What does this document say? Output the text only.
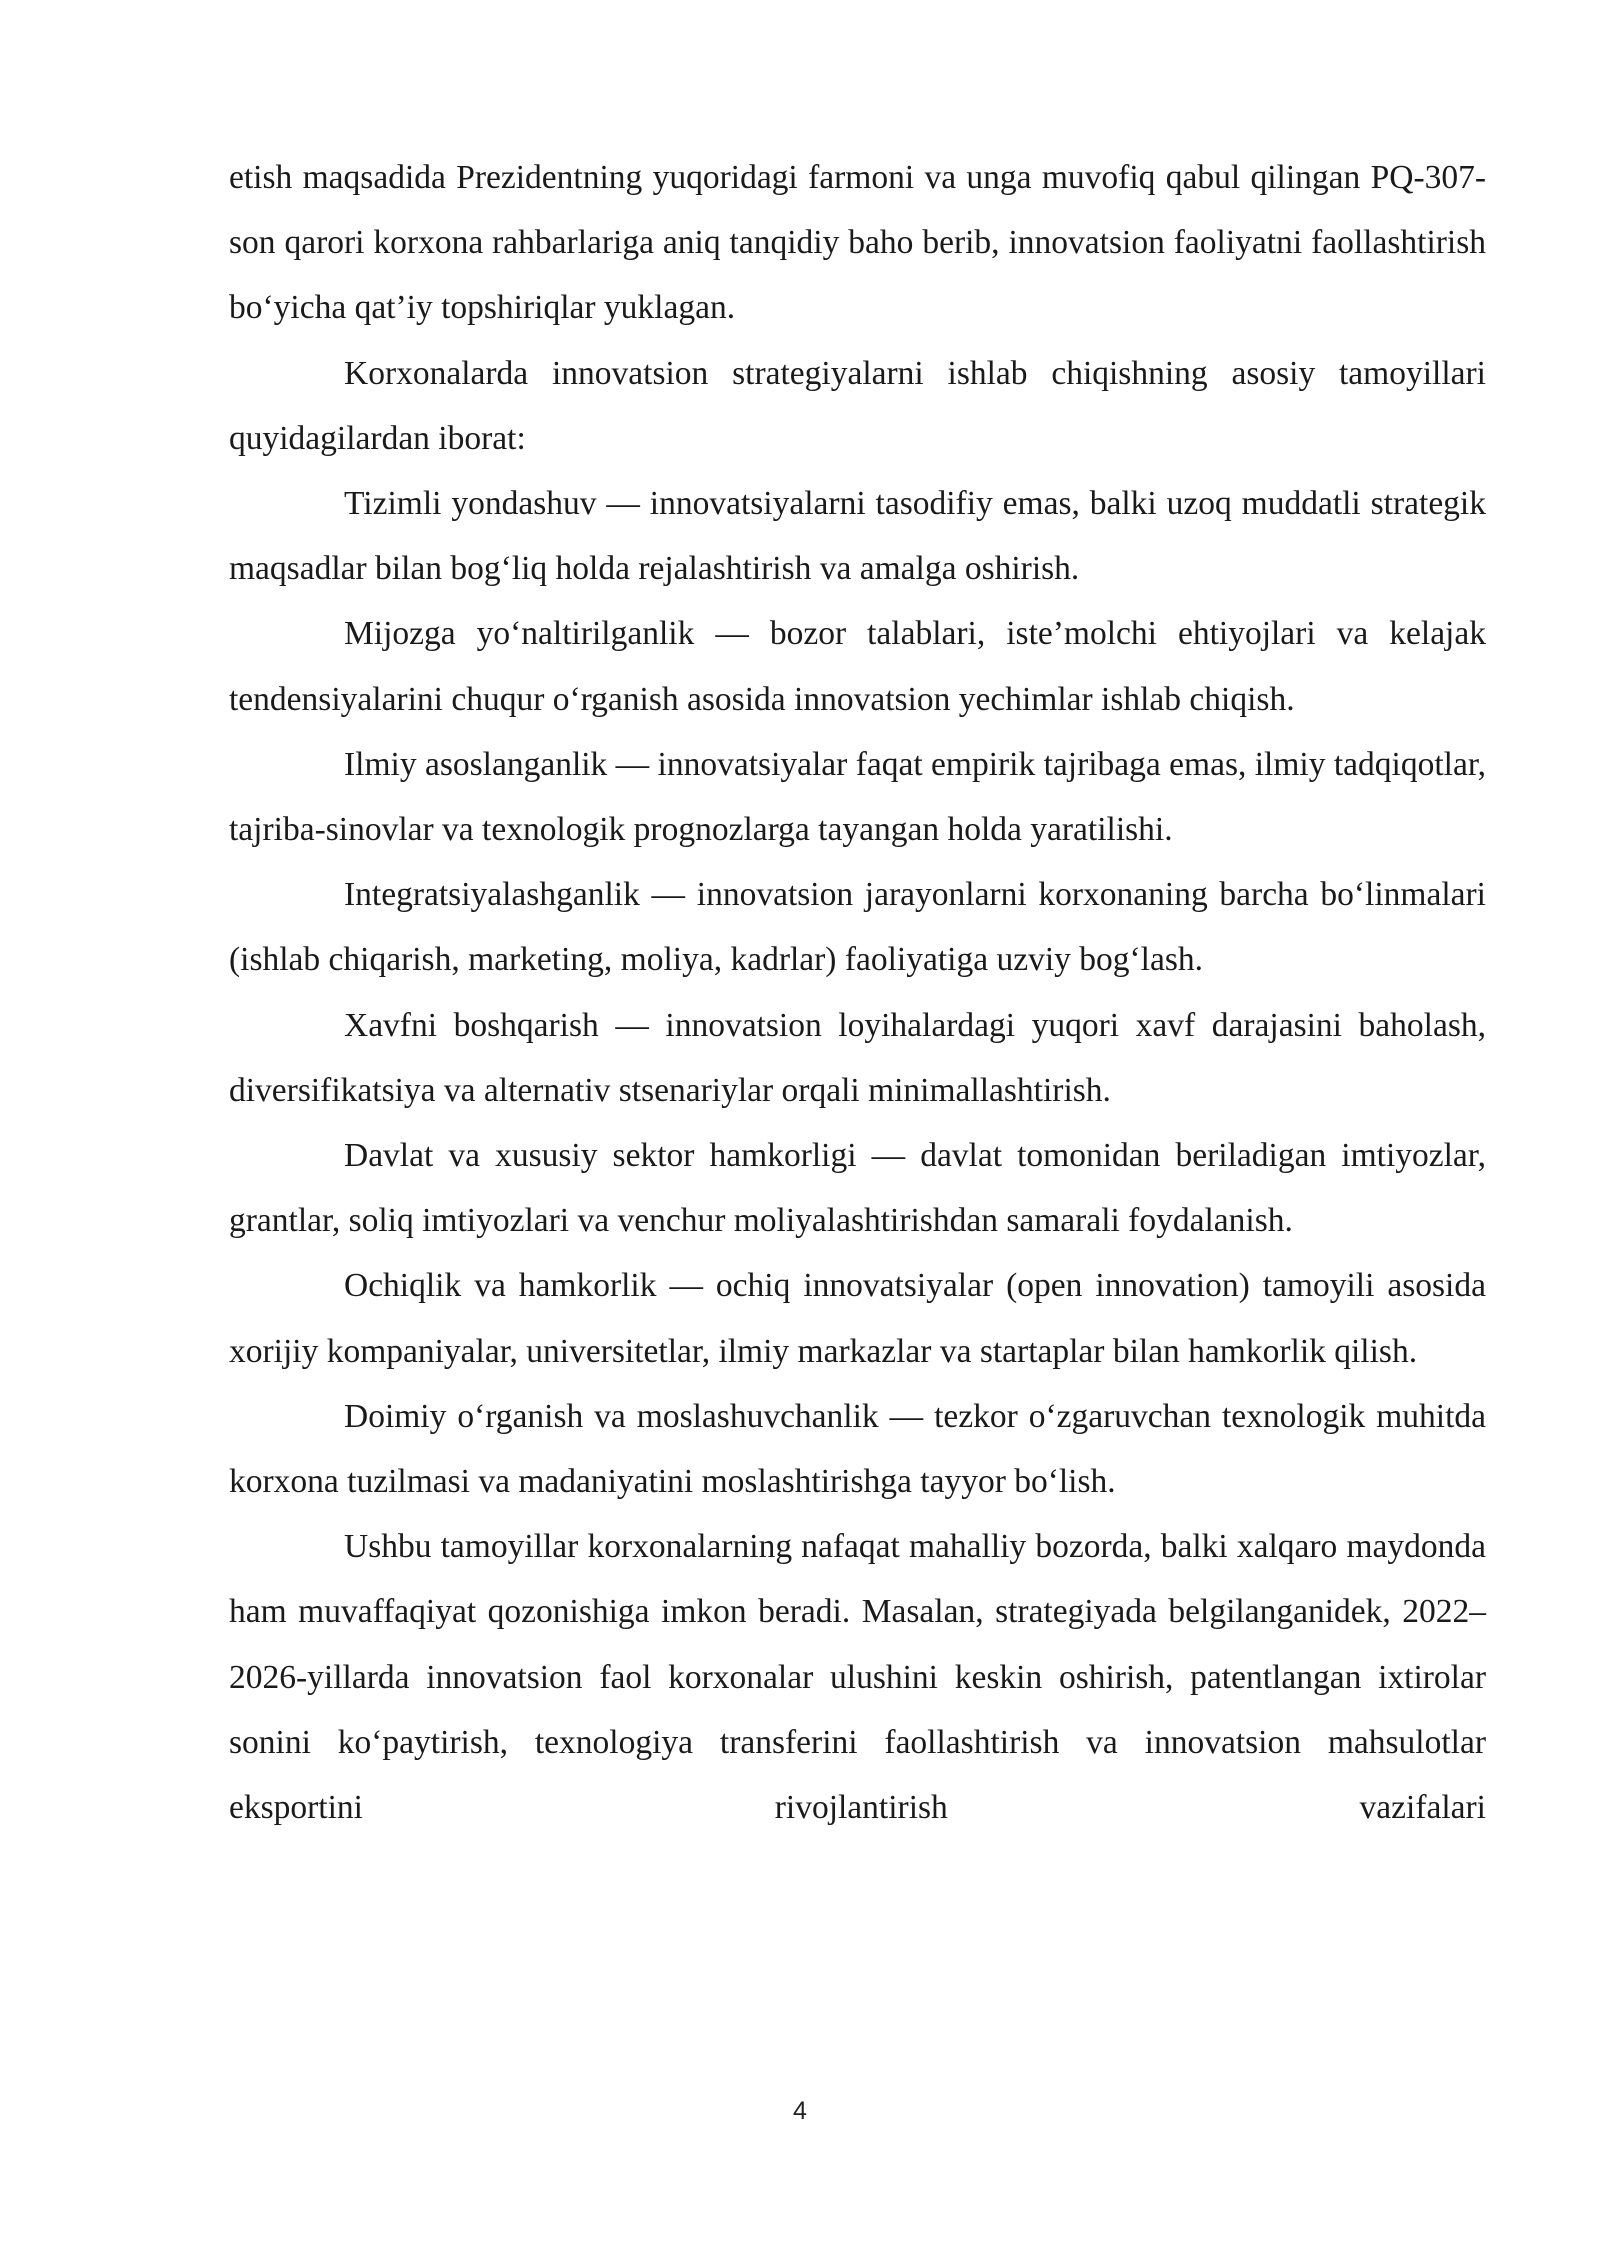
etish maqsadida Prezidentning yuqoridagi farmoni va unga muvofiq qabul qilingan PQ-307-son qarori korxona rahbarlariga aniq tanqidiy baho berib, innovatsion faoliyatni faollashtirish bo‘yicha qat’iy topshiriqlar yuklagan.

Korxonalarda innovatsion strategiyalarni ishlab chiqishning asosiy tamoyillari quyidagilardan iborat:

Tizimli yondashuv — innovatsiyalarni tasodifiy emas, balki uzoq muddatli strategik maqsadlar bilan bog‘liq holda rejalashtirish va amalga oshirish.

Mijozga yo‘naltirilganlik — bozor talablari, iste’molchi ehtiyojlari va kelajak tendensiyalarini chuqur o‘rganish asosida innovatsion yechimlar ishlab chiqish.

Ilmiy asoslanganlik — innovatsiyalar faqat empirik tajribaga emas, ilmiy tadqiqotlar, tajriba-sinovlar va texnologik prognozlarga tayangan holda yaratilishi.

Integratsiyalashganlik — innovatsion jarayonlarni korxonaning barcha bo‘linmalari (ishlab chiqarish, marketing, moliya, kadrlar) faoliyatiga uzviy bog‘lash.

Xavfni boshqarish — innovatsion loyihalardagi yuqori xavf darajasini baholash, diversifikatsiya va alternativ stsenariylar orqali minimallashtirish.

Davlat va xususiy sektor hamkorligi — davlat tomonidan beriladigan imtiyozlar, grantlar, soliq imtiyozlari va venchur moliyalashtirishdan samarali foydalanish.

Ochiqlik va hamkorlik — ochiq innovatsiyalar (open innovation) tamoyili asosida xorijiy kompaniyalar, universitetlar, ilmiy markazlar va startaplar bilan hamkorlik qilish.

Doimiy o‘rganish va moslashuvchanlik — tezkor o‘zgaruvchan texnologik muhitda korxona tuzilmasi va madaniyatini moslashtirishga tayyor bo‘lish.

Ushbu tamoyillar korxonalarning nafaqat mahalliy bozorda, balki xalqaro maydonda ham muvaffaqiyat qozonishiga imkon beradi. Masalan, strategiyada belgilanganidek, 2022–2026-yillarda innovatsion faol korxonalar ulushini keskin oshirish, patentlangan ixtirolar sonini ko‘paytirish, texnologiya transferini faollashtirish va innovatsion mahsulotlar eksportini rivojlantirish vazifalari

4
